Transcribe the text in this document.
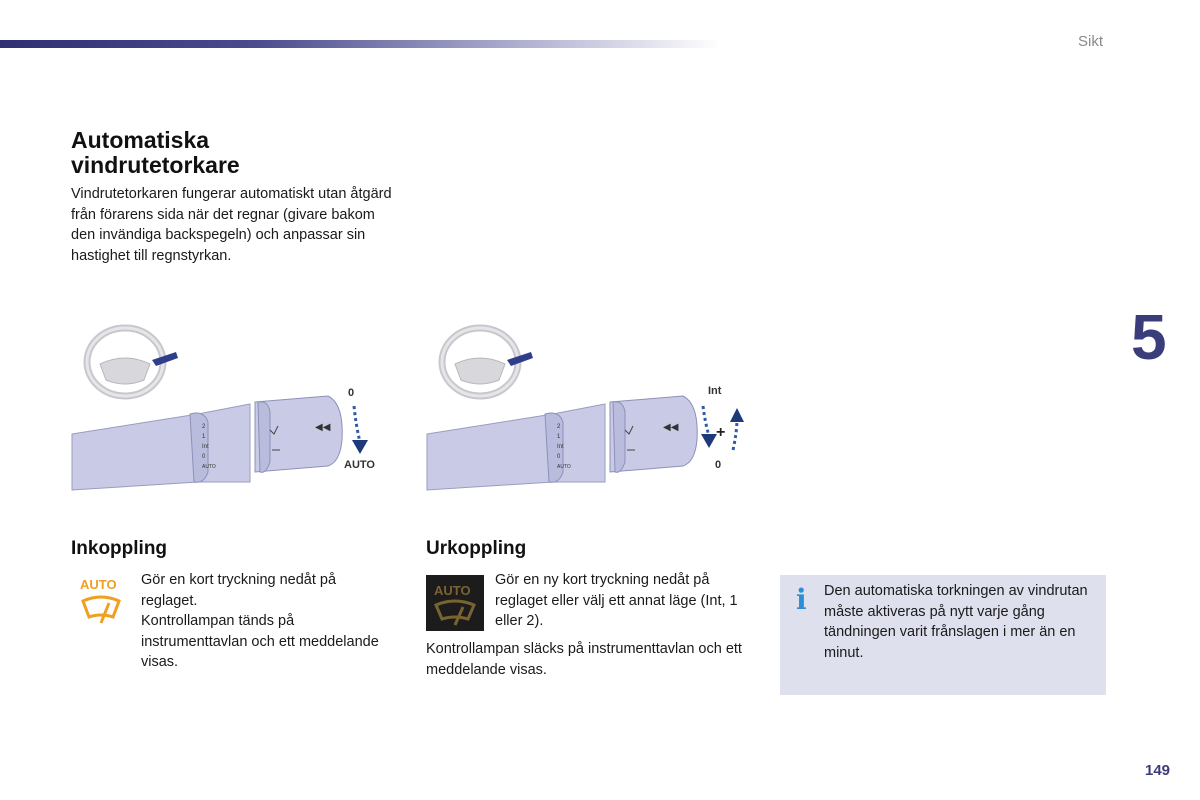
Sikt
5
Automatiska vindrutetorkare
Vindrutetorkaren fungerar automatiskt utan åtgärd från förarens sida när det regnar (givare bakom den invändiga backspegeln) och anpassar sin hastighet till regnstyrkan.
2
1
Int
0
AUTO
◀◀
0
AUTO
2
1
Int
0
AUTO
◀◀
Int
+
0
Inkoppling
AUTO Gör en kort tryckning nedåt på reglaget.
Kontrollampan tänds på instrumenttavlan och ett meddelande visas.
Urkoppling
AUTO
Gör en ny kort tryckning nedåt på reglaget eller välj ett annat läge (Int, 1 eller 2).
Kontrollampan släcks på instrumenttavlan och ett meddelande visas.
i Den automatiska torkningen av vindrutan måste aktiveras på nytt varje gång tändningen varit frånslagen i mer än en minut.
149
